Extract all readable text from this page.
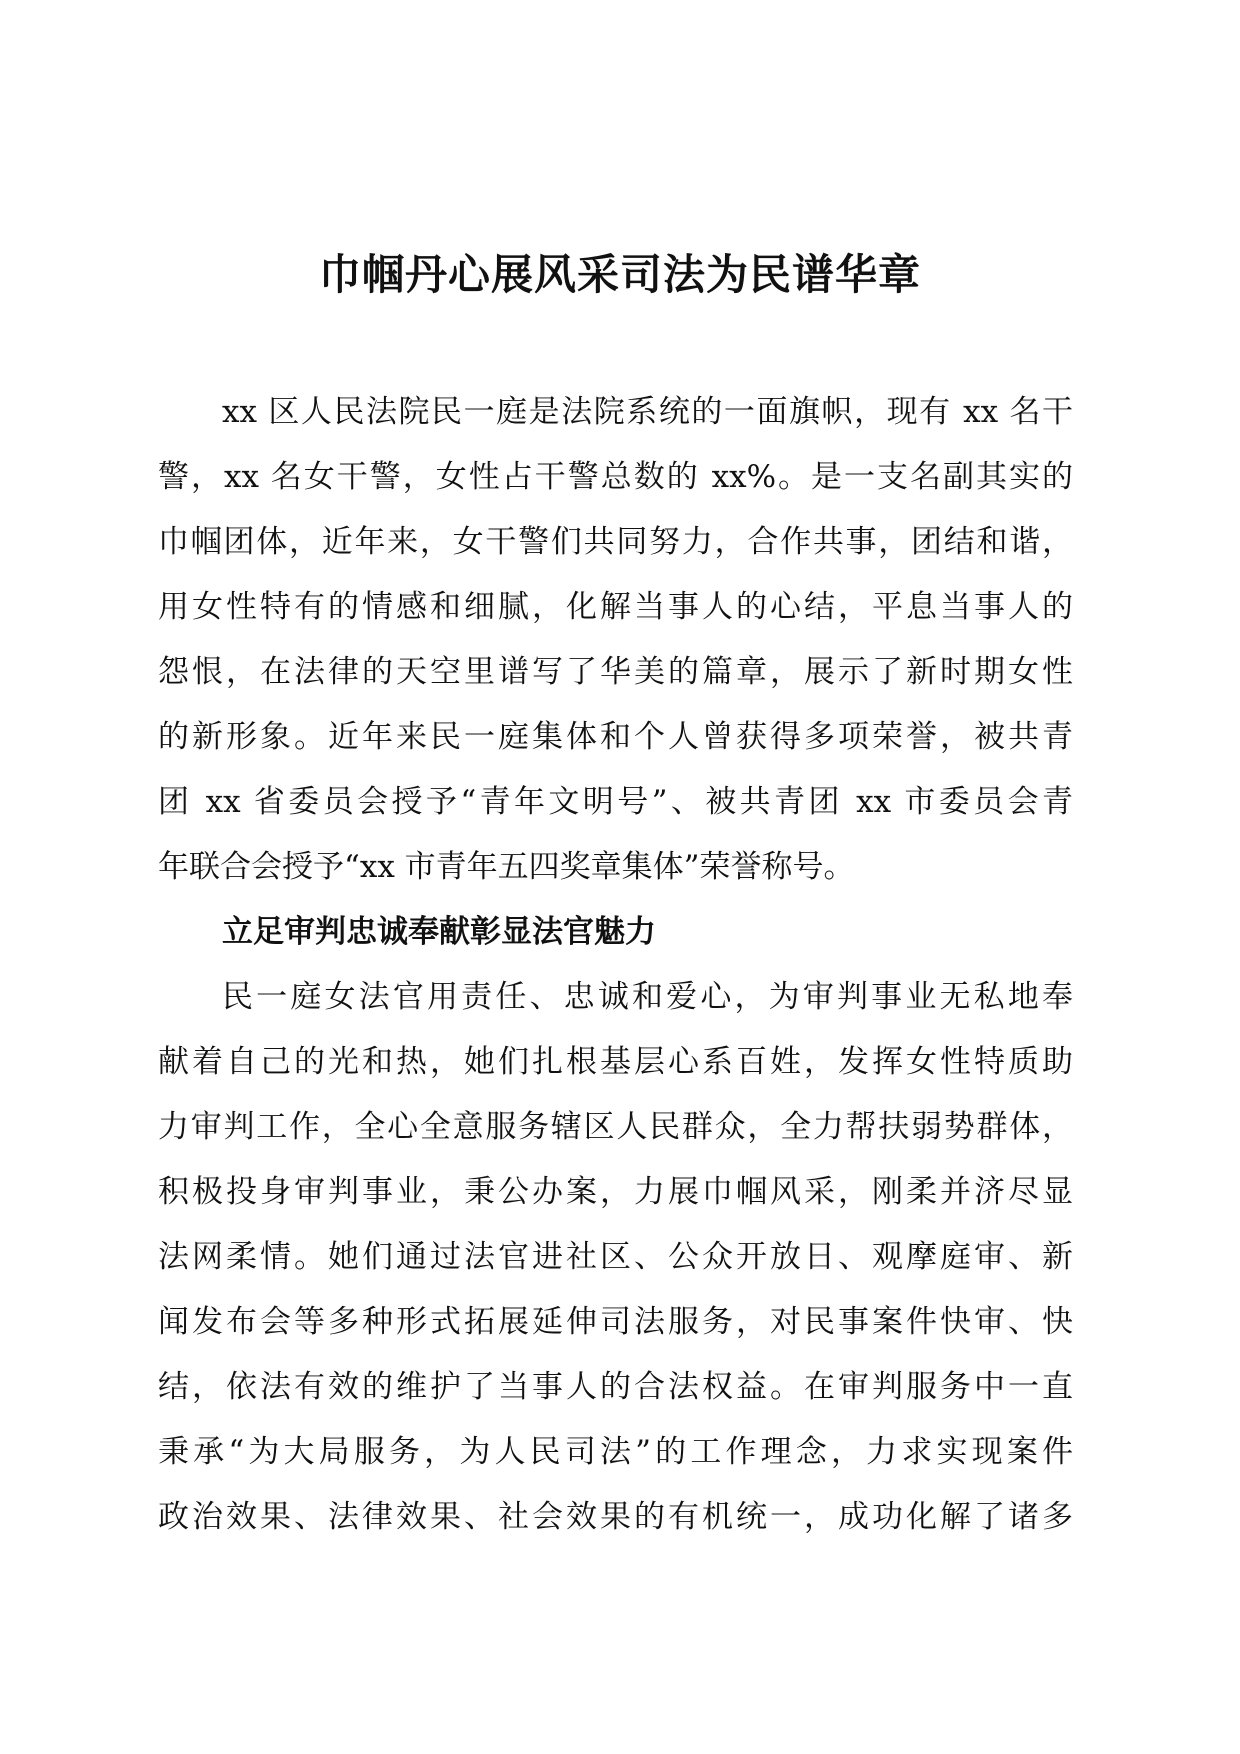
巾帼丹心展风采司法为民谱华章
xx 区人民法院民一庭是法院系统的一面旗帜，现有 xx 名干
警，xx 名女干警，女性占干警总数的 xx%。是一支名副其实的
巾帼团体，近年来，女干警们共同努力，合作共事，团结和谐，
用女性特有的情感和细腻，化解当事人的心结，平息当事人的
怨恨，在法律的天空里谱写了华美的篇章，展示了新时期女性
的新形象。近年来民一庭集体和个人曾获得多项荣誉，被共青
团 xx 省委员会授予“青年文明号”、被共青团 xx 市委员会青
年联合会授予“xx 市青年五四奖章集体”荣誉称号。
立足审判忠诚奉献彰显法官魅力
民一庭女法官用责任、忠诚和爱心，为审判事业无私地奉
献着自己的光和热，她们扎根基层心系百姓，发挥女性特质助
力审判工作，全心全意服务辖区人民群众，全力帮扶弱势群体，
积极投身审判事业，秉公办案，力展巾帼风采，刚柔并济尽显
法网柔情。她们通过法官进社区、公众开放日、观摩庭审、新
闻发布会等多种形式拓展延伸司法服务，对民事案件快审、快
结，依法有效的维护了当事人的合法权益。在审判服务中一直
秉承“为大局服务，为人民司法”的工作理念，力求实现案件
政治效果、法律效果、社会效果的有机统一，成功化解了诸多
